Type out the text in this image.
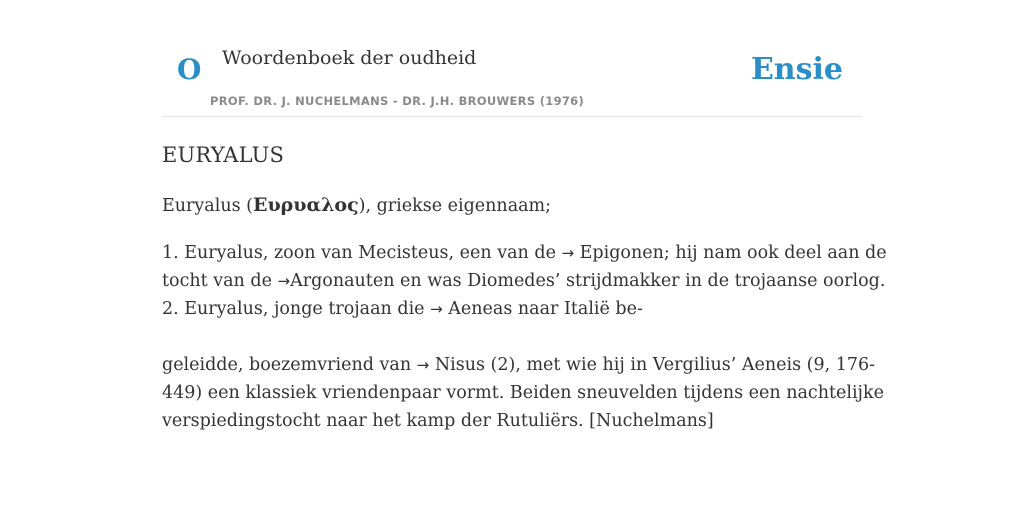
O Woordenboek der oudheid
PROF. DR. J. NUCHELMANS - DR. J.H. BROUWERS (1976)
Ensie
EURYALUS

Euryalus (Ευρυαλος), griekse eigennaam;

1. Euryalus, zoon van Mecisteus, een van de → Epigonen; hij nam ook deel aan de
tocht van de →Argonauten en was Diomedes’ strijdmakker in de trojaanse oorlog.
2. Euryalus, jonge trojaan die → Aeneas naar Italië be-

geleidde, boezemvriend van → Nisus (2), met wie hij in Vergilius’ Aeneis (9, 176-
449) een klassiek vriendenpaar vormt. Beiden sneuvelden tijdens een nachtelijke
verspiedingstocht naar het kamp der Rutuliërs. [Nuchelmans]
